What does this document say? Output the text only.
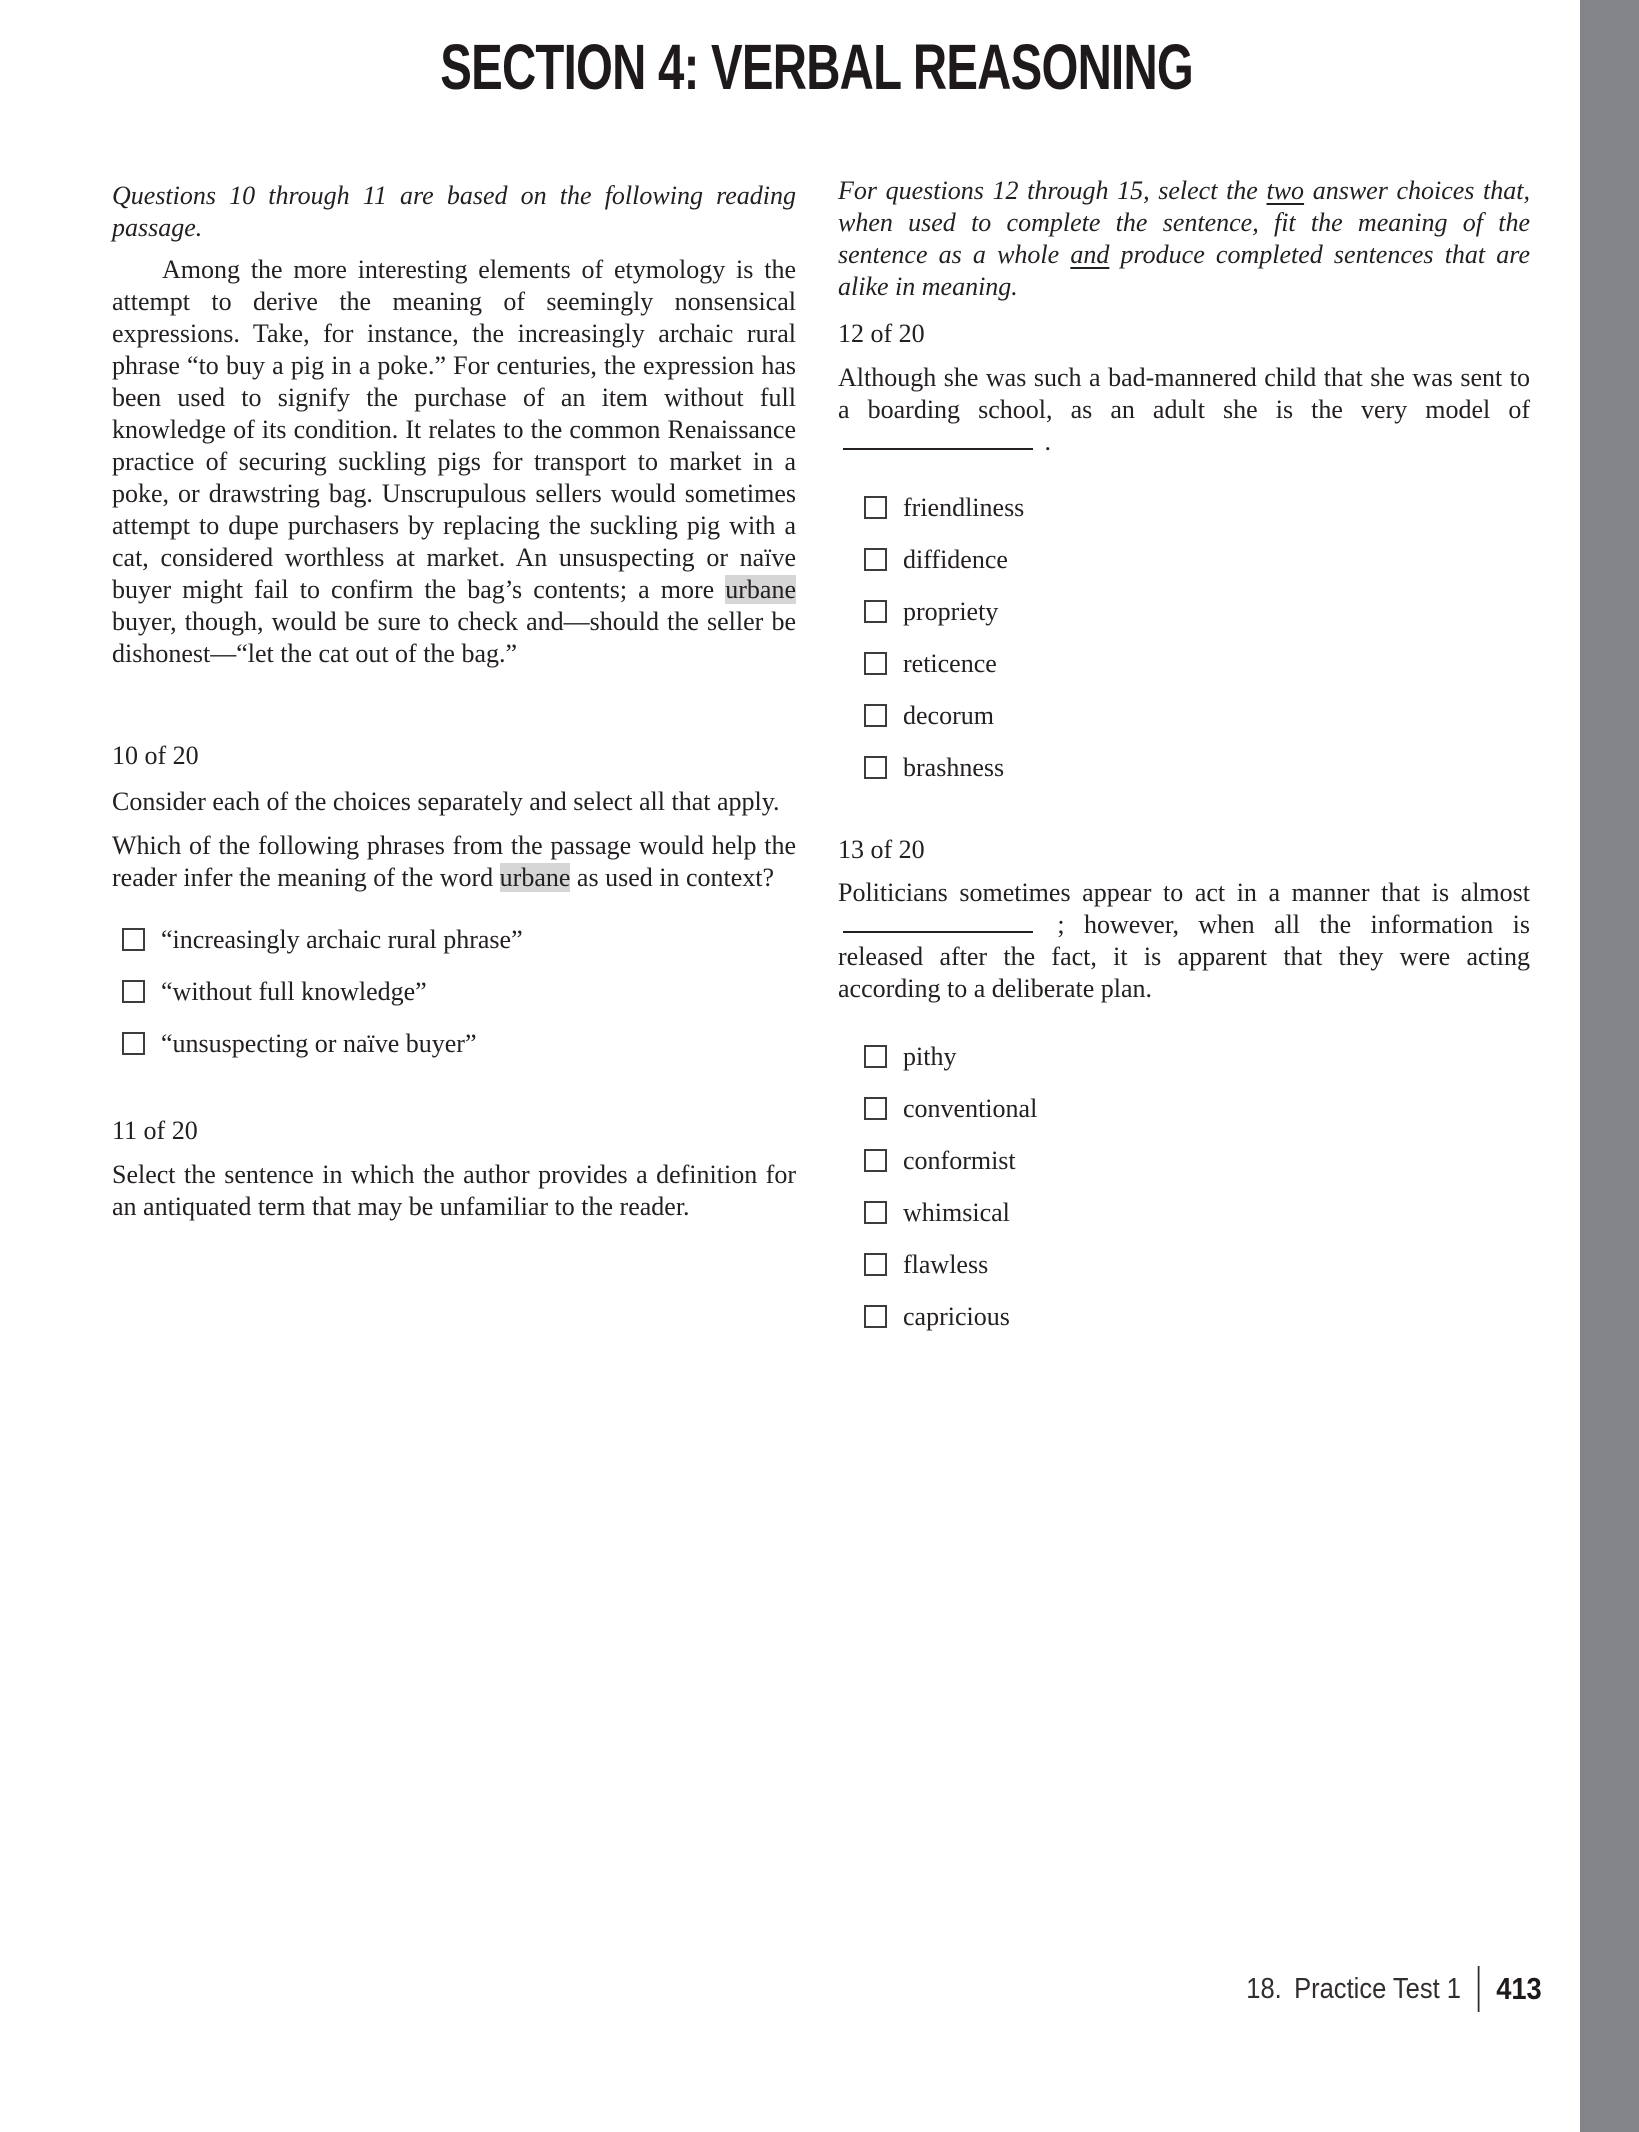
SECTION 4: VERBAL REASONING

Questions 10 through 11 are based on the following reading passage.

Among the more interesting elements of etymology is the attempt to derive the meaning of seemingly nonsensical expressions. Take, for instance, the increasingly archaic rural phrase “to buy a pig in a poke.” For centuries, the expression has been used to signify the purchase of an item without full knowledge of its condition. It relates to the common Renaissance practice of securing suckling pigs for transport to market in a poke, or drawstring bag. Unscrupulous sellers would sometimes attempt to dupe purchasers by replacing the suckling pig with a cat, considered worthless at market. An unsuspecting or naïve buyer might fail to confirm the bag’s contents; a more urbane buyer, though, would be sure to check and—should the seller be dishonest—“let the cat out of the bag.”

10 of 20

Consider each of the choices separately and select all that apply.

Which of the following phrases from the passage would help the reader infer the meaning of the word urbane as used in context?

“increasingly archaic rural phrase”
“without full knowledge”
“unsuspecting or naïve buyer”

11 of 20

Select the sentence in which the author provides a definition for an antiquated term that may be unfamiliar to the reader.

For questions 12 through 15, select the two answer choices that, when used to complete the sentence, fit the meaning of the sentence as a whole and produce completed sentences that are alike in meaning.

12 of 20

Although she was such a bad-mannered child that she was sent to a boarding school, as an adult she is the very model of  .

friendliness
diffidence
propriety
reticence
decorum
brashness

13 of 20

Politicians sometimes appear to act in a manner that is almost  ; however, when all the information is released after the fact, it is apparent that they were acting according to a deliberate plan.

pithy
conventional
conformist
whimsical
flawless
capricious
18. Practice Test 1 413
